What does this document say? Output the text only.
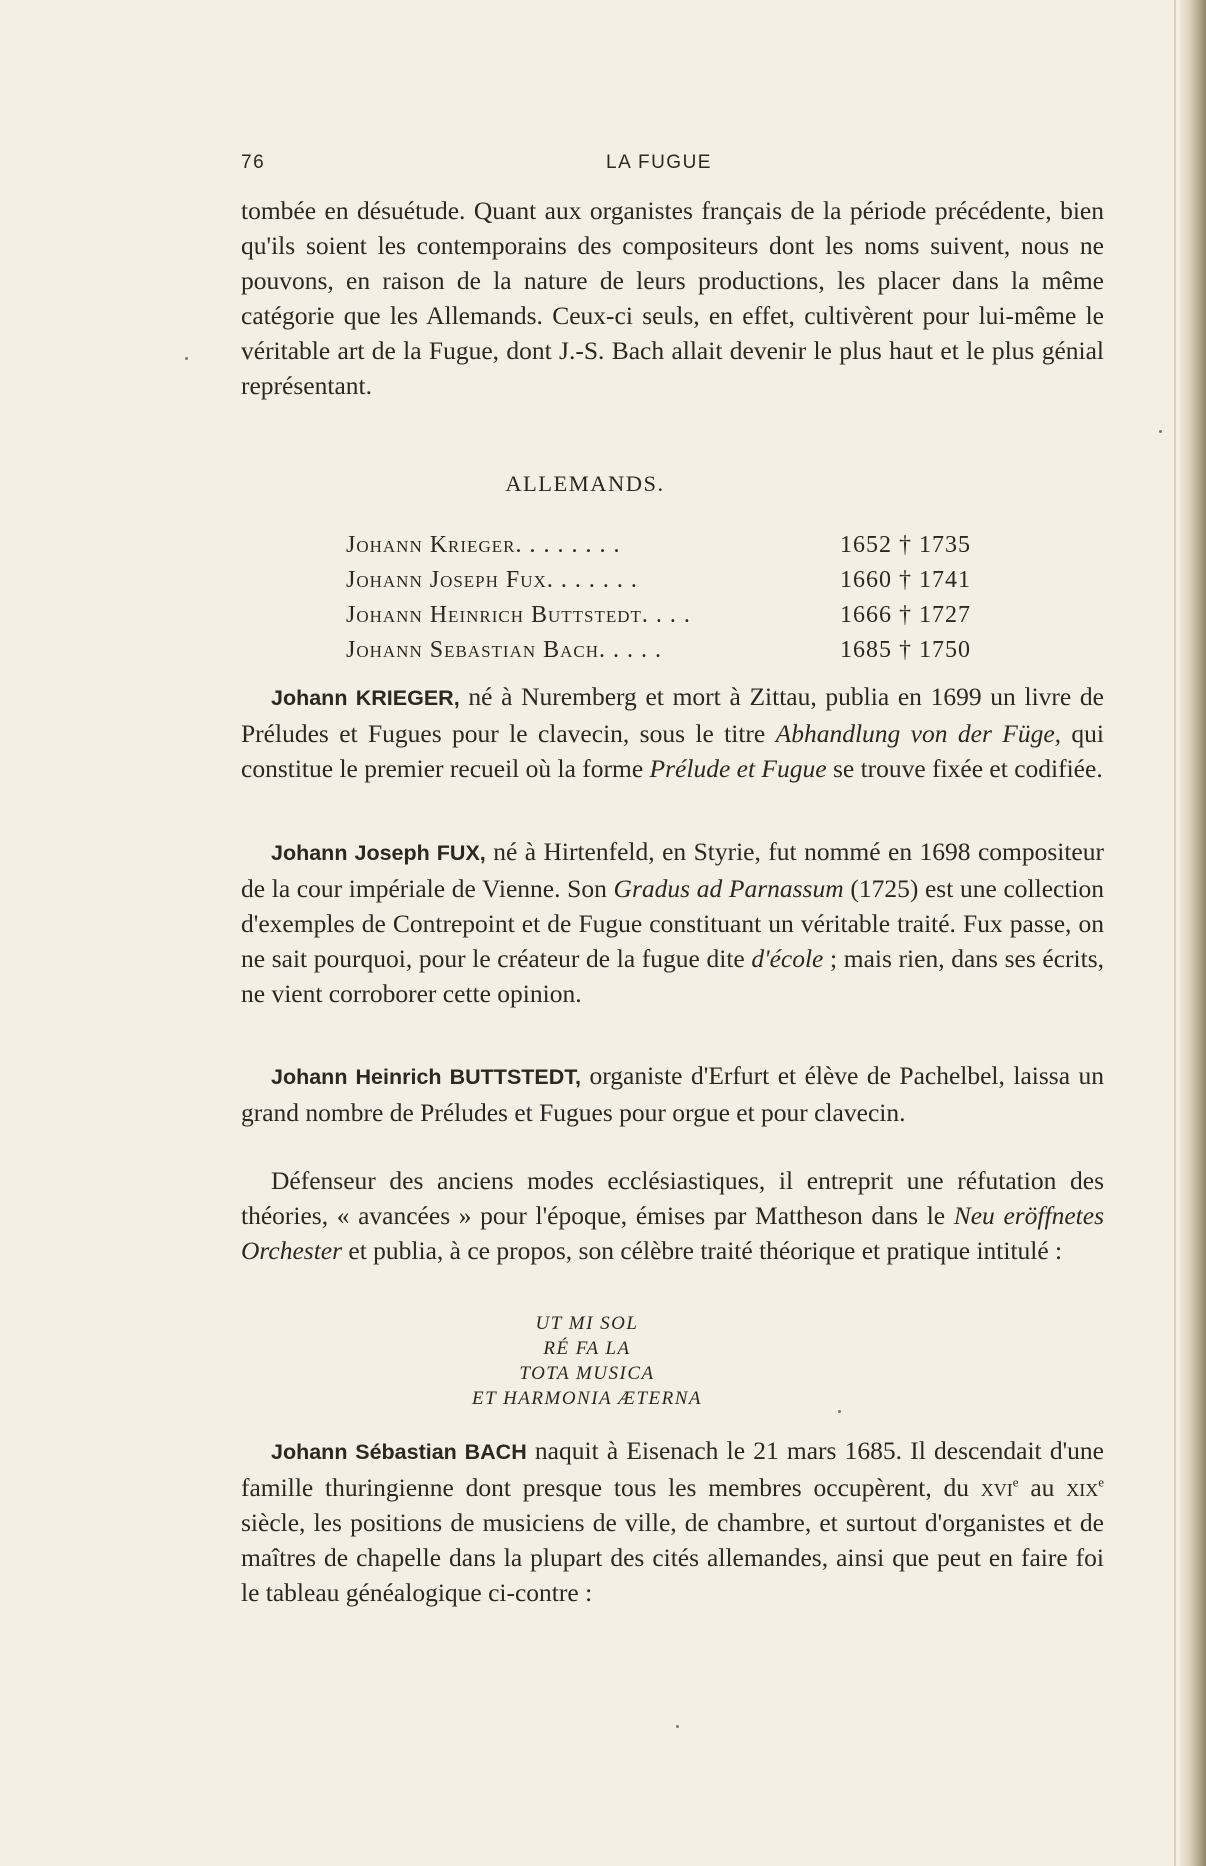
76	LA FUGUE
tombée en désuétude. Quant aux organistes français de la période précédente, bien qu'ils soient les contemporains des compositeurs dont les noms suivent, nous ne pouvons, en raison de la nature de leurs productions, les placer dans la même catégorie que les Allemands. Ceux-ci seuls, en effet, cultivèrent pour lui-même le véritable art de la Fugue, dont J.-S. Bach allait devenir le plus haut et le plus génial représentant.
ALLEMANDS.
Johann Krieger. . . . . . . .	1652 † 1735
Johann Joseph Fux. . . . . . .	1660 † 1741
Johann Heinrich Buttstedt. . . .	1666 † 1727
Johann Sebastian Bach. . . . .	1685 † 1750
Johann KRIEGER, né à Nuremberg et mort à Zittau, publia en 1699 un livre de Préludes et Fugues pour le clavecin, sous le titre Abhandlung von der Füge, qui constitue le premier recueil où la forme Prélude et Fugue se trouve fixée et codifiée.
Johann Joseph FUX, né à Hirtenfeld, en Styrie, fut nommé en 1698 compositeur de la cour impériale de Vienne. Son Gradus ad Parnassum (1725) est une collection d'exemples de Contrepoint et de Fugue constituant un véritable traité. Fux passe, on ne sait pourquoi, pour le créateur de la fugue dite d'école ; mais rien, dans ses écrits, ne vient corroborer cette opinion.
Johann Heinrich BUTTSTEDT, organiste d'Erfurt et élève de Pachelbel, laissa un grand nombre de Préludes et Fugues pour orgue et pour clavecin.
Défenseur des anciens modes ecclésiastiques, il entreprit une réfutation des théories, « avancées » pour l'époque, émises par Mattheson dans le Neu eröffnetes Orchester et publia, à ce propos, son célèbre traité théorique et pratique intitulé :
UT MI SOL
RÉ FA LA
TOTA MUSICA
ET HARMONIA ÆTERNA
Johann Sébastian BACH naquit à Eisenach le 21 mars 1685. Il descendait d'une famille thuringienne dont presque tous les membres occupèrent, du xvi$^e$ au xix$^e$ siècle, les positions de musiciens de ville, de chambre, et surtout d'organistes et de maîtres de chapelle dans la plupart des cités allemandes, ainsi que peut en faire foi le tableau généalogique ci-contre :
